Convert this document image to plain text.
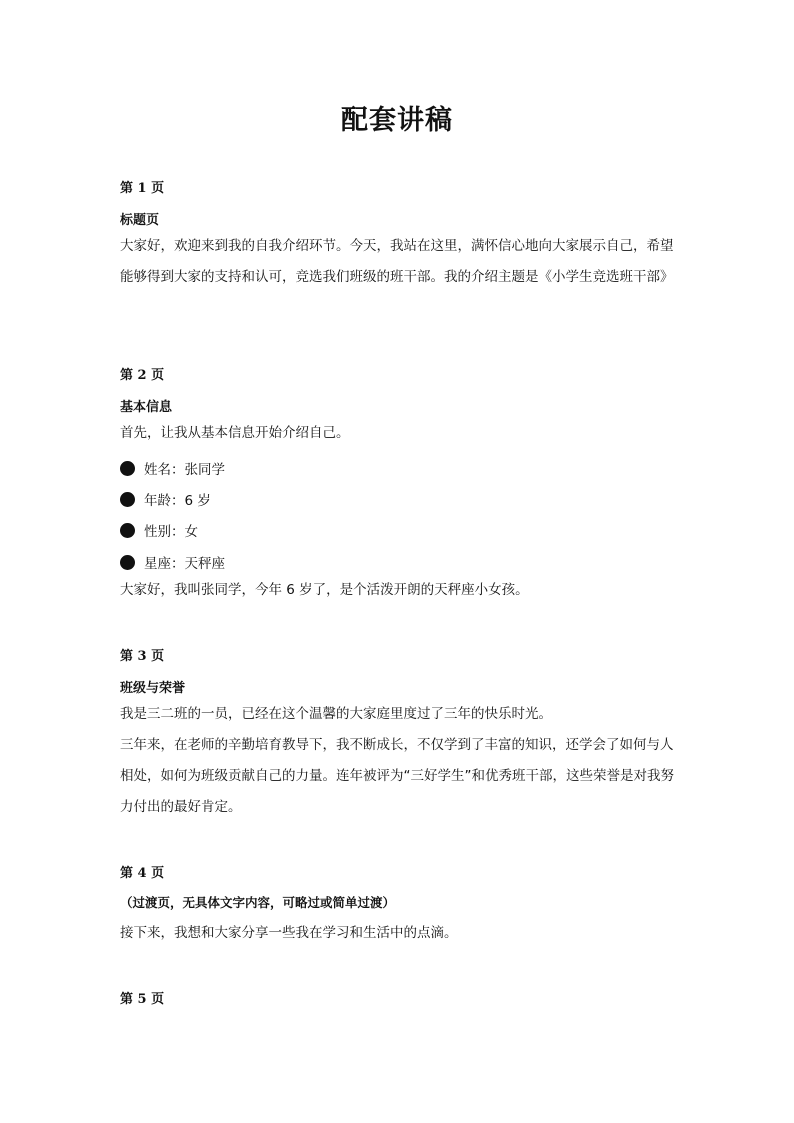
配套讲稿
第 1 页
标题页
大家好，欢迎来到我的自我介绍环节。今天，我站在这里，满怀信心地向大家展示自己，希望能够得到大家的支持和认可，竞选我们班级的班干部。我的介绍主题是《小学生竞选班干部》
第 2 页
基本信息
首先，让我从基本信息开始介绍自己。
姓名：张同学
年龄：6 岁
性别：女
星座：天秤座
大家好，我叫张同学，今年 6 岁了，是个活泼开朗的天秤座小女孩。
第 3 页
班级与荣誉
我是三二班的一员，已经在这个温馨的大家庭里度过了三年的快乐时光。
三年来，在老师的辛勤培育教导下，我不断成长，不仅学到了丰富的知识，还学会了如何与人相处，如何为班级贡献自己的力量。连年被评为“三好学生”和优秀班干部，这些荣誉是对我努力付出的最好肯定。
第 4 页
（过渡页，无具体文字内容，可略过或简单过渡）
接下来，我想和大家分享一些我在学习和生活中的点滴。
第 5 页
